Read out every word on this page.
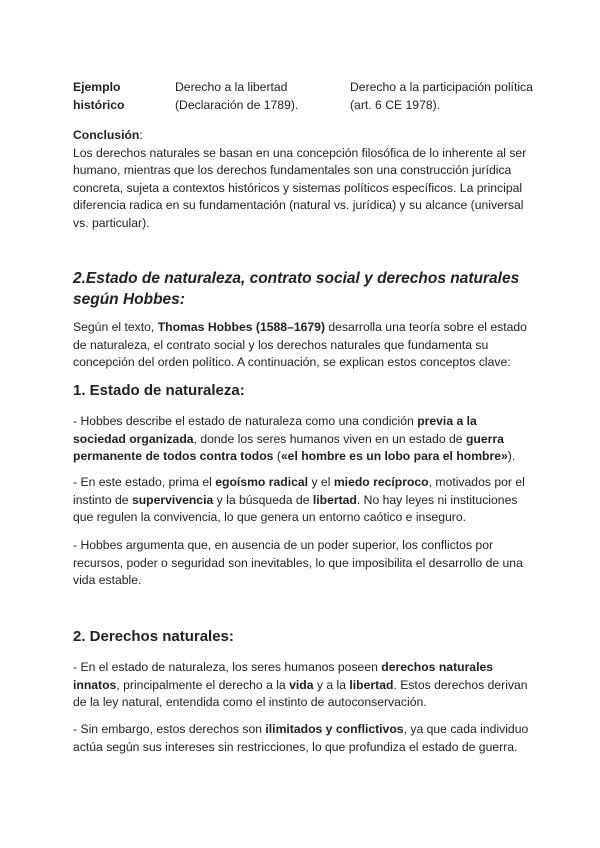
Ejemplo histórico
Derecho a la libertad (Declaración de 1789).
Derecho a la participación política (art. 6 CE 1978).

Conclusión:

Los derechos naturales se basan en una concepción filosófica de lo inherente al ser humano, mientras que los derechos fundamentales son una construcción jurídica concreta, sujeta a contextos históricos y sistemas políticos específicos. La principal diferencia radica en su fundamentación (natural vs. jurídica) y su alcance (universal vs. particular).

2.Estado de naturaleza, contrato social y derechos naturales según Hobbes:

Según el texto, Thomas Hobbes (1588–1679) desarrolla una teoría sobre el estado de naturaleza, el contrato social y los derechos naturales que fundamenta su concepción del orden político. A continuación, se explican estos conceptos clave:

1. Estado de naturaleza:

- Hobbes describe el estado de naturaleza como una condición previa a la sociedad organizada, donde los seres humanos viven en un estado de guerra permanente de todos contra todos («el hombre es un lobo para el hombre»).

- En este estado, prima el egoísmo radical y el miedo recíproco, motivados por el instinto de supervivencia y la búsqueda de libertad. No hay leyes ni instituciones que regulen la convivencia, lo que genera un entorno caótico e inseguro.

- Hobbes argumenta que, en ausencia de un poder superior, los conflictos por recursos, poder o seguridad son inevitables, lo que imposibilita el desarrollo de una vida estable.

2. Derechos naturales:

- En el estado de naturaleza, los seres humanos poseen derechos naturales innatos, principalmente el derecho a la vida y a la libertad. Estos derechos derivan de la ley natural, entendida como el instinto de autoconservación.

- Sin embargo, estos derechos son ilimitados y conflictivos, ya que cada individuo actúa según sus intereses sin restricciones, lo que profundiza el estado de guerra.
